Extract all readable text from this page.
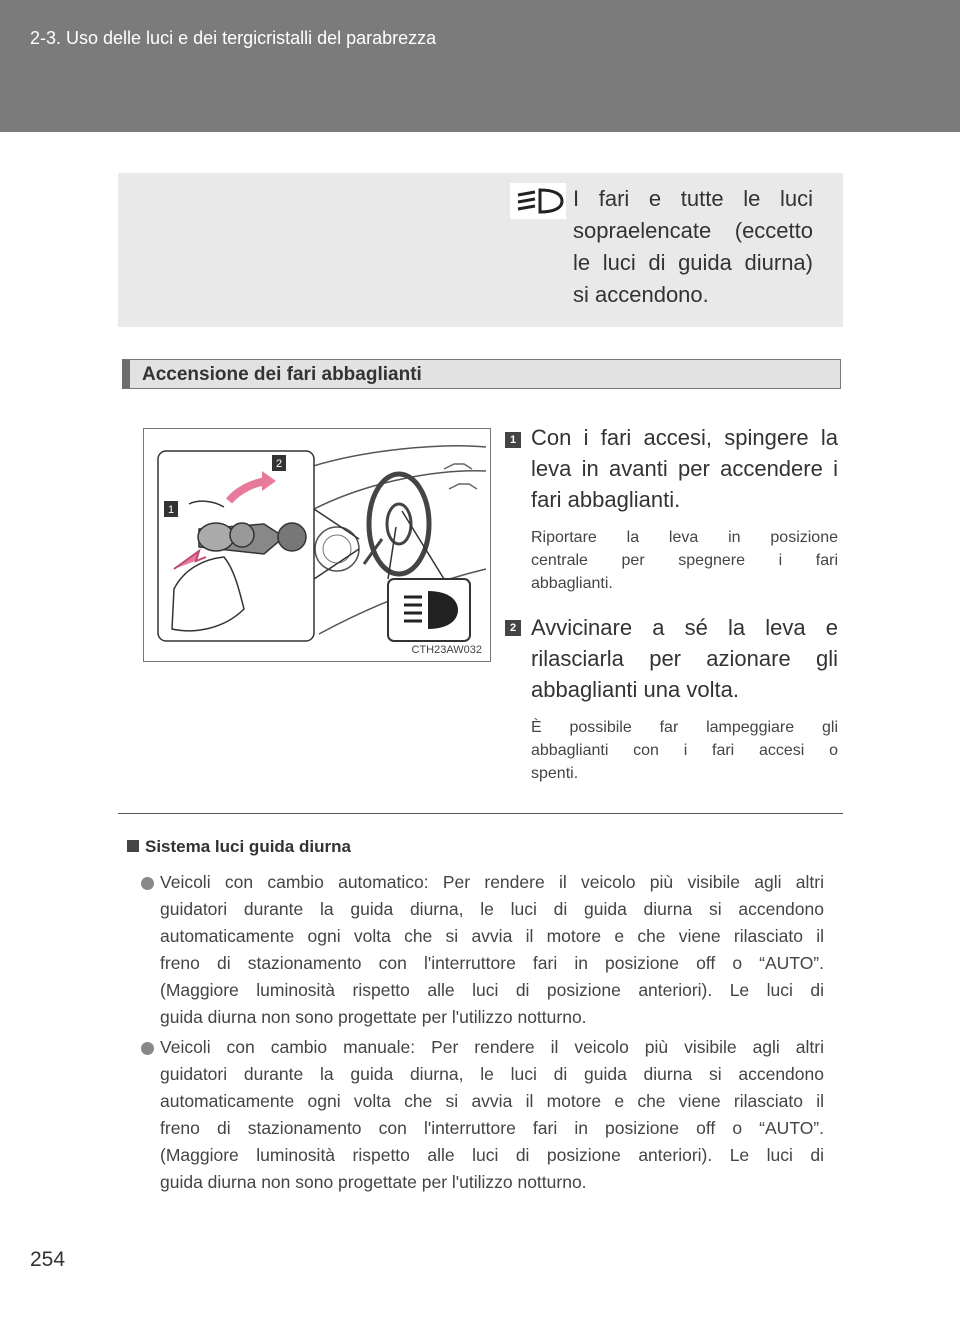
2-3. Uso delle luci e dei tergicristalli del parabrezza
I fari e tutte le luci
sopraelencate (eccetto
le luci di guida diurna)
si accendono.
Accensione dei fari abbaglianti
1
2
CTH23AW032
1 Con i fari accesi, spingere la
leva in avanti per accendere i
fari abbaglianti.
Riportare la leva in posizione
centrale per spegnere i fari
abbaglianti.
2 Avvicinare a sé la leva e
rilasciarla per azionare gli
abbaglianti una volta.
È possibile far lampeggiare gli
abbaglianti con i fari accesi o
spenti.
Sistema luci guida diurna
Veicoli con cambio automatico: Per rendere il veicolo più visibile agli altri
guidatori durante la guida diurna, le luci di guida diurna si accendono
automaticamente ogni volta che si avvia il motore e che viene rilasciato il
freno di stazionamento con l'interruttore fari in posizione off o “AUTO”.
(Maggiore luminosità rispetto alle luci di posizione anteriori). Le luci di
guida diurna non sono progettate per l'utilizzo notturno.
Veicoli con cambio manuale: Per rendere il veicolo più visibile agli altri
guidatori durante la guida diurna, le luci di guida diurna si accendono
automaticamente ogni volta che si avvia il motore e che viene rilasciato il
freno di stazionamento con l'interruttore fari in posizione off o “AUTO”.
(Maggiore luminosità rispetto alle luci di posizione anteriori). Le luci di
guida diurna non sono progettate per l'utilizzo notturno.
254
